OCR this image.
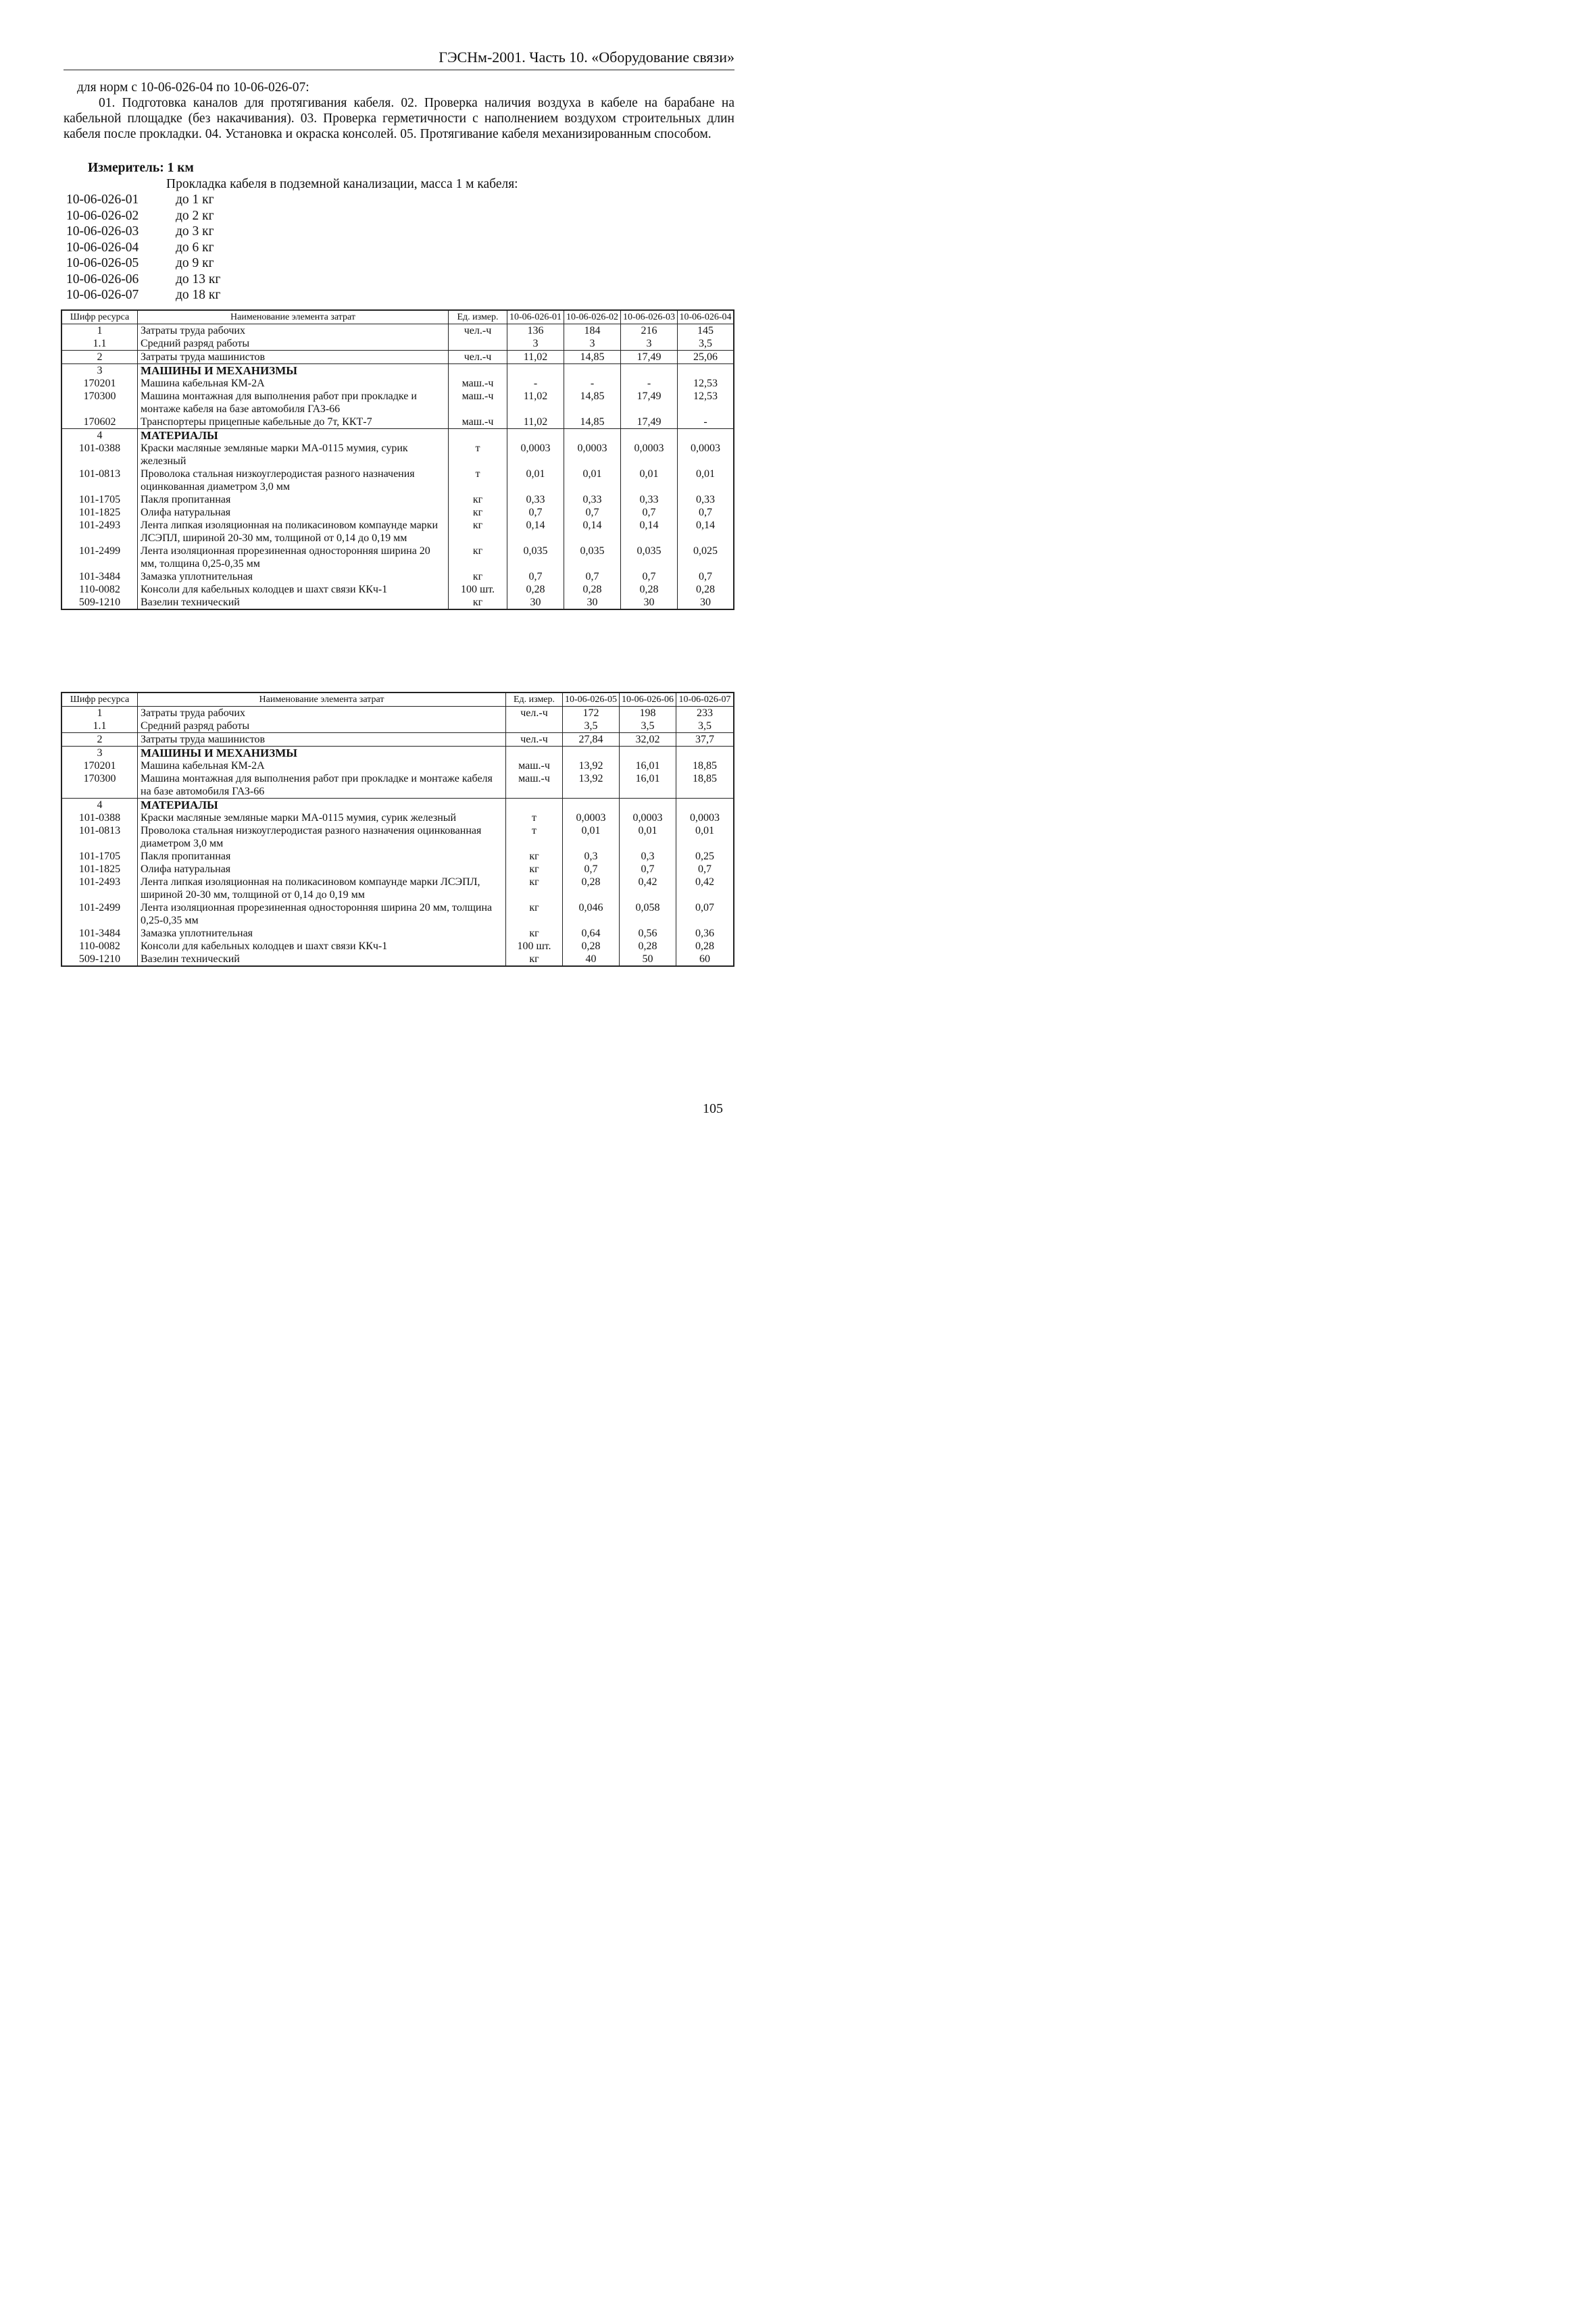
ГЭСНм-2001. Часть 10. «Оборудование связи»

для норм с 10-06-026-04 по 10-06-026-07:

01. Подготовка каналов для протягивания кабеля. 02. Проверка наличия воздуха в кабеле на барабане на кабельной площадке (без накачивания). 03. Проверка герметичности с наполнением воздухом строительных длин кабеля после прокладки. 04. Установка и окраска консолей. 05. Протягивание кабеля механизированным способом.

Измеритель: 1 км
Прокладка кабеля в подземной канализации, масса 1 м кабеля:
10-06-026-01	до 1 кг
10-06-026-02	до 2 кг
10-06-026-03	до 3 кг
10-06-026-04	до 6 кг
10-06-026-05	до 9 кг
10-06-026-06	до 13 кг
10-06-026-07	до 18 кг
Шифр ресурса	Наименование элемента затрат	Ед. измер.	10-06-026-01	10-06-026-02	10-06-026-03	10-06-026-04
1	Затраты труда рабочих	чел.-ч	136	184	216	145
1.1	Средний разряд работы		3	3	3	3,5
2	Затраты труда машинистов	чел.-ч	11,02	14,85	17,49	25,06
3	МАШИНЫ И МЕХАНИЗМЫ					
170201	Машина кабельная КМ-2А	маш.-ч	-	-	-	12,53
170300	Машина монтажная для выполнения работ при прокладке и монтаже кабеля на базе автомобиля ГАЗ-66	маш.-ч	11,02	14,85	17,49	12,53
170602	Транспортеры прицепные кабельные до 7т, ККТ-7	маш.-ч	11,02	14,85	17,49	-
4	МАТЕРИАЛЫ					
101-0388	Краски масляные земляные марки МА-0115 мумия, сурик железный	т	0,0003	0,0003	0,0003	0,0003
101-0813	Проволока стальная низкоуглеродистая разного назначения оцинкованная диаметром 3,0 мм	т	0,01	0,01	0,01	0,01
101-1705	Пакля пропитанная	кг	0,33	0,33	0,33	0,33
101-1825	Олифа натуральная	кг	0,7	0,7	0,7	0,7
101-2493	Лента липкая изоляционная на поликасиновом компаунде марки ЛСЭПЛ, шириной 20-30 мм, толщиной от 0,14 до 0,19 мм	кг	0,14	0,14	0,14	0,14
101-2499	Лента изоляционная прорезиненная односторонняя ширина 20 мм, толщина 0,25-0,35 мм	кг	0,035	0,035	0,035	0,025
101-3484	Замазка уплотнительная	кг	0,7	0,7	0,7	0,7
110-0082	Консоли для кабельных колодцев и шахт связи ККч-1	100 шт.	0,28	0,28	0,28	0,28
509-1210	Вазелин технический	кг	30	30	30	30
Шифр ресурса	Наименование элемента затрат	Ед. измер.	10-06-026-05	10-06-026-06	10-06-026-07
1	Затраты труда рабочих	чел.-ч	172	198	233
1.1	Средний разряд работы		3,5	3,5	3,5
2	Затраты труда машинистов	чел.-ч	27,84	32,02	37,7
3	МАШИНЫ И МЕХАНИЗМЫ				
170201	Машина кабельная КМ-2А	маш.-ч	13,92	16,01	18,85
170300	Машина монтажная для выполнения работ при прокладке и монтаже кабеля на базе автомобиля ГАЗ-66	маш.-ч	13,92	16,01	18,85
4	МАТЕРИАЛЫ				
101-0388	Краски масляные земляные марки МА-0115 мумия, сурик железный	т	0,0003	0,0003	0,0003
101-0813	Проволока стальная низкоуглеродистая разного назначения оцинкованная диаметром 3,0 мм	т	0,01	0,01	0,01
101-1705	Пакля пропитанная	кг	0,3	0,3	0,25
101-1825	Олифа натуральная	кг	0,7	0,7	0,7
101-2493	Лента липкая изоляционная на поликасиновом компаунде марки ЛСЭПЛ, шириной 20-30 мм, толщиной от 0,14 до 0,19 мм	кг	0,28	0,42	0,42
101-2499	Лента изоляционная прорезиненная односторонняя ширина 20 мм, толщина 0,25-0,35 мм	кг	0,046	0,058	0,07
101-3484	Замазка уплотнительная	кг	0,64	0,56	0,36
110-0082	Консоли для кабельных колодцев и шахт связи ККч-1	100 шт.	0,28	0,28	0,28
509-1210	Вазелин технический	кг	40	50	60
105
